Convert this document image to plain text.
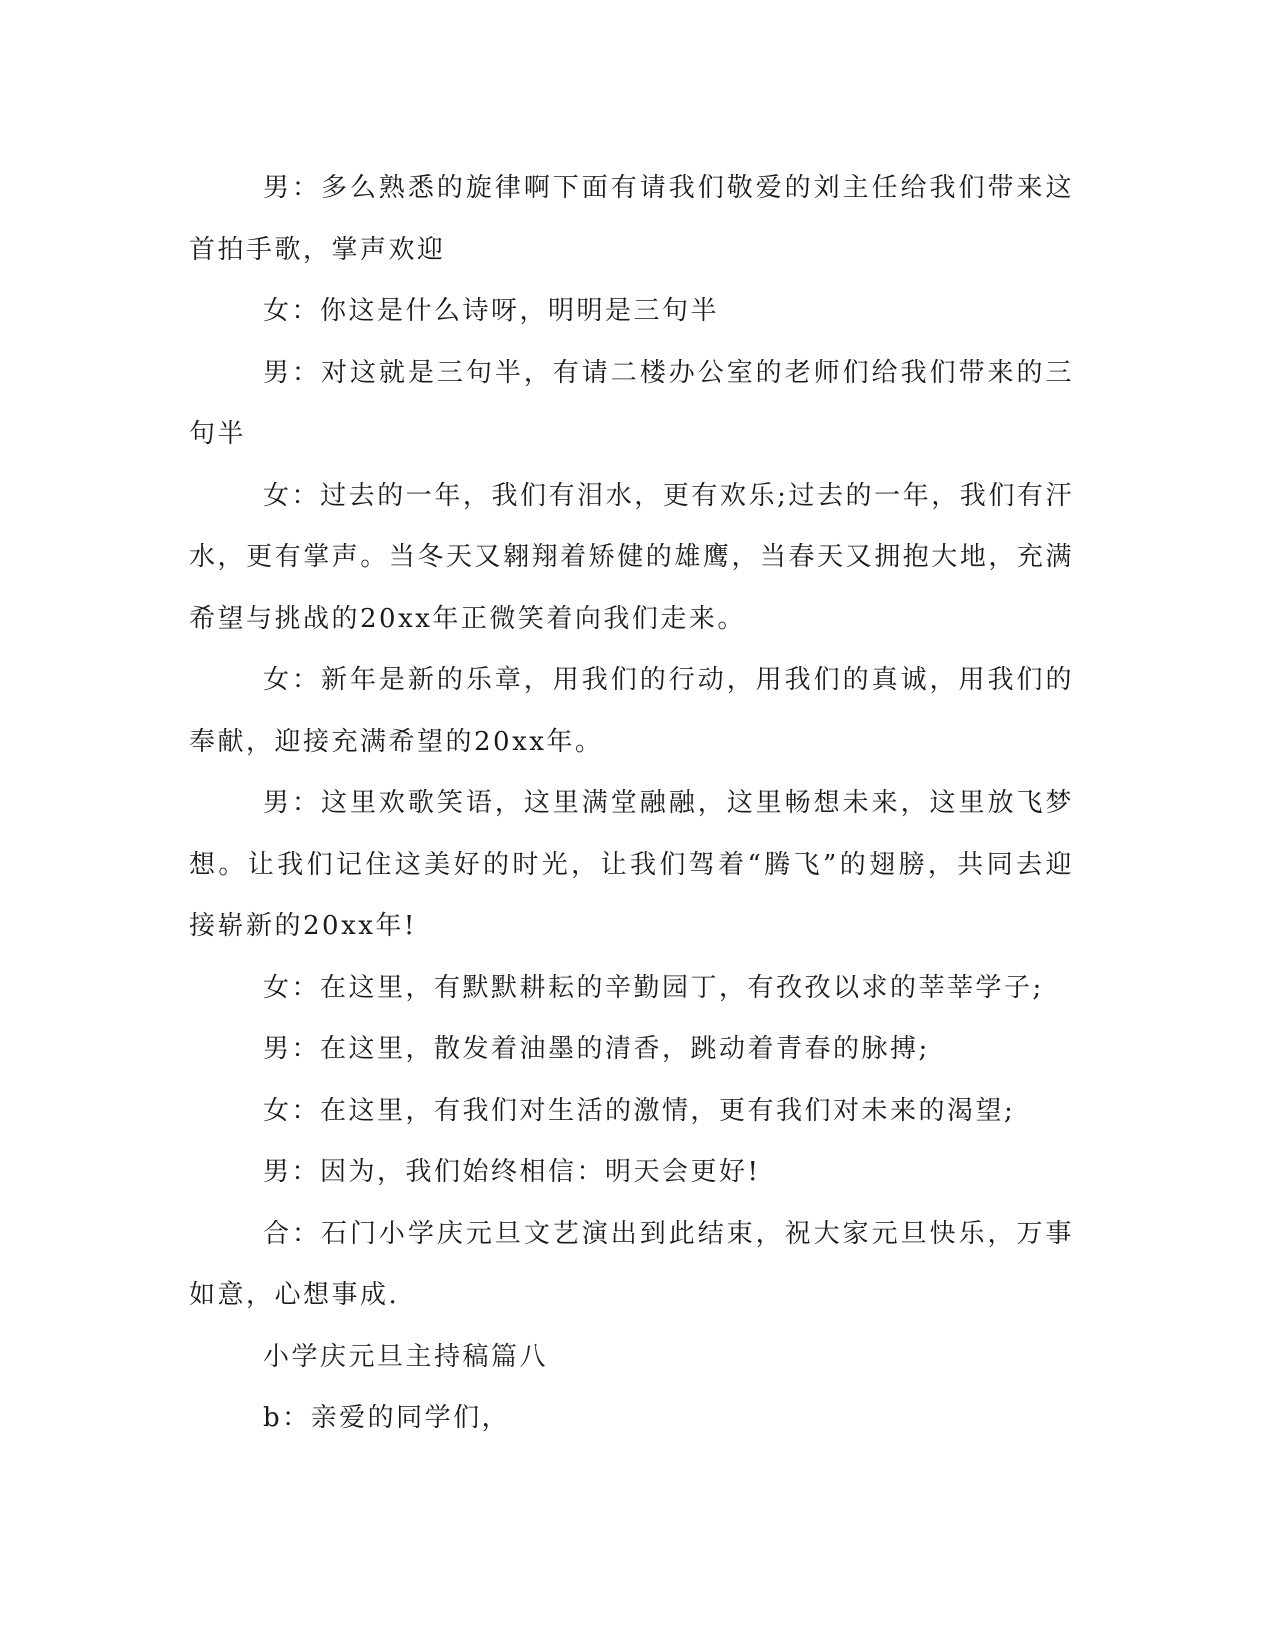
男：多么熟悉的旋律啊下面有请我们敬爱的刘主任给我们带来这首拍手歌，掌声欢迎

女：你这是什么诗呀，明明是三句半

男：对这就是三句半，有请二楼办公室的老师们给我们带来的三句半

女：过去的一年，我们有泪水，更有欢乐;过去的一年，我们有汗水，更有掌声。当冬天又翱翔着矫健的雄鹰，当春天又拥抱大地，充满希望与挑战的20xx年正微笑着向我们走来。

女：新年是新的乐章，用我们的行动，用我们的真诚，用我们的奉献，迎接充满希望的20xx年。

男：这里欢歌笑语，这里满堂融融，这里畅想未来，这里放飞梦想。让我们记住这美好的时光，让我们驾着“腾飞”的翅膀，共同去迎接崭新的20xx年!

女：在这里，有默默耕耘的辛勤园丁，有孜孜以求的莘莘学子;

男：在这里，散发着油墨的清香，跳动着青春的脉搏;

女：在这里，有我们对生活的激情，更有我们对未来的渴望;

男：因为，我们始终相信：明天会更好!

合：石门小学庆元旦文艺演出到此结束，祝大家元旦快乐，万事如意，心想事成.

小学庆元旦主持稿篇八

b：亲爱的同学们，
